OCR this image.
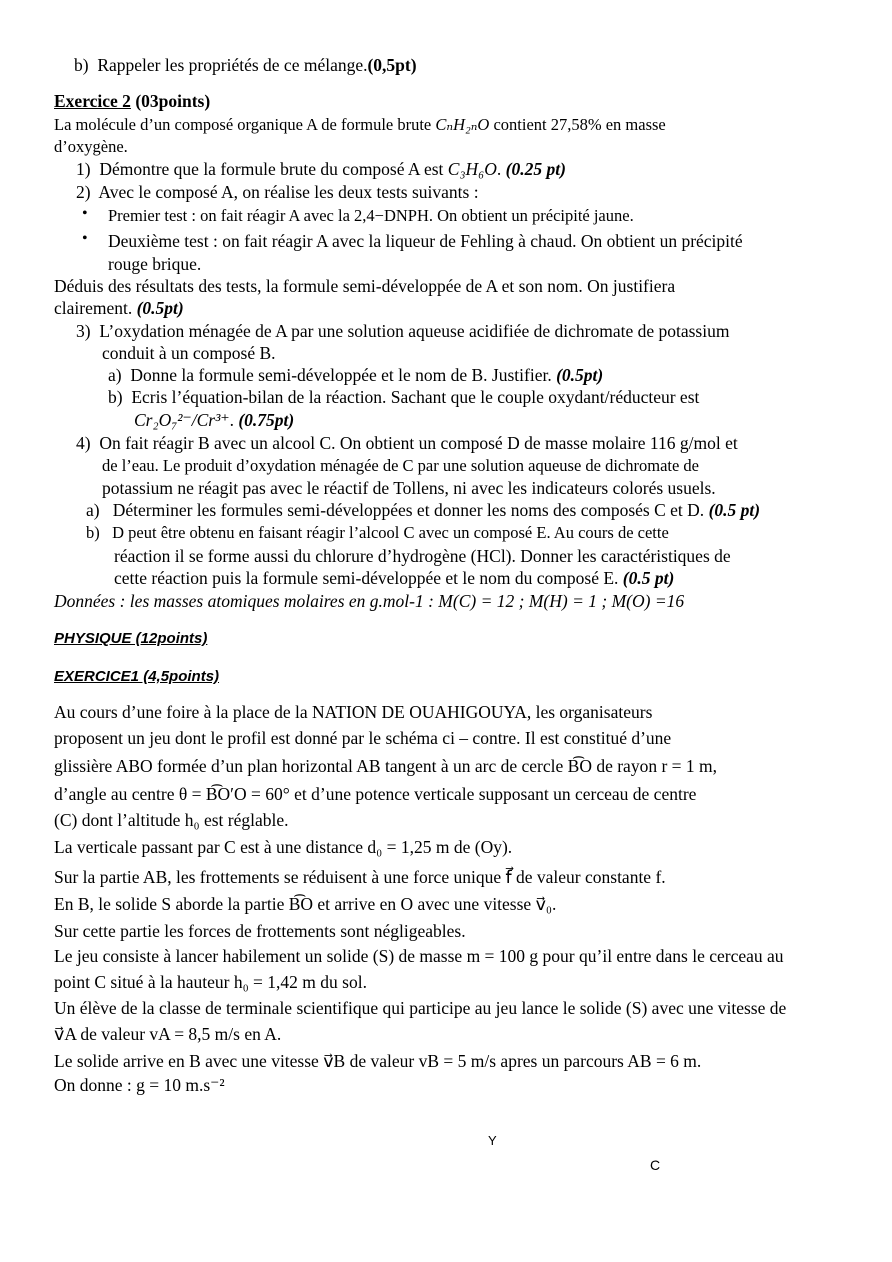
b) Rappeler les propriétés de ce mélange.(0,5pt)
Exercice 2 (03points)
La molécule d’un composé organique A de formule brute CₙH₂ₙO contient 27,58% en masse
d’oxygène.
1) Démontre que la formule brute du composé A est C₃H₆O. (0.25 pt)
2) Avec le composé A, on réalise les deux tests suivants :
• Premier test : on fait réagir A avec la 2,4−DNPH. On obtient un précipité jaune.
• Deuxième test : on fait réagir A avec la liqueur de Fehling à chaud. On obtient un précipité
rouge brique.
Déduis des résultats des tests, la formule semi-développée de A et son nom. On justifiera
clairement. (0.5pt)
3) L’oxydation ménagée de A par une solution aqueuse acidifiée de dichromate de potassium
conduit à un composé B.
a) Donne la formule semi-développée et le nom de B. Justifier. (0.5pt)
b) Ecris l’équation-bilan de la réaction. Sachant que le couple oxydant/réducteur est
Cr₂O₇²⁻/Cr³⁺. (0.75pt)
4) On fait réagir B avec un alcool C. On obtient un composé D de masse molaire 116 g/mol et
de l’eau. Le produit d’oxydation ménagée de C par une solution aqueuse de dichromate de
potassium ne réagit pas avec le réactif de Tollens, ni avec les indicateurs colorés usuels.
a) Déterminer les formules semi-développées et donner les noms des composés C et D. (0.5 pt)
b) D peut être obtenu en faisant réagir l’alcool C avec un composé E. Au cours de cette
réaction il se forme aussi du chlorure d’hydrogène (HCl). Donner les caractéristiques de
cette réaction puis la formule semi-développée et le nom du composé E. (0.5 pt)
Données : les masses atomiques molaires en g.mol-1 : M(C) = 12 ; M(H) = 1 ; M(O) =16
PHYSIQUE (12points)
EXERCICE1 (4,5points)
Au cours d’une foire à la place de la NATION DE OUAHIGOUYA, les organisateurs
proposent un jeu dont le profil est donné par le schéma ci – contre. Il est constitué d’une
glissière ABO formée d’un plan horizontal AB tangent à un arc de cercle B͡O de rayon r = 1 m,
d’angle au centre θ = B͡O′O = 60° et d’une potence verticale supposant un cerceau de centre
(C) dont l’altitude h₀ est réglable.
La verticale passant par C est à une distance d₀ = 1,25 m de (Oy).
Sur la partie AB, les frottements se réduisent à une force unique f⃗ de valeur constante f.
En B, le solide S aborde la partie B͡O et arrive en O avec une vitesse v⃗₀.
Sur cette partie les forces de frottements sont négligeables.
Le jeu consiste à lancer habilement un solide (S) de masse m = 100 g pour qu’il entre dans le cerceau au
point C situé à la hauteur h₀ = 1,42 m du sol.
Un élève de la classe de terminale scientifique qui participe au jeu lance le solide (S) avec une vitesse de
v⃗A de valeur vA = 8,5 m/s en A.
Le solide arrive en B avec une vitesse v⃗B de valeur vB = 5 m/s apres un parcours AB = 6 m.
On donne : g = 10 m.s⁻²
Y
C
